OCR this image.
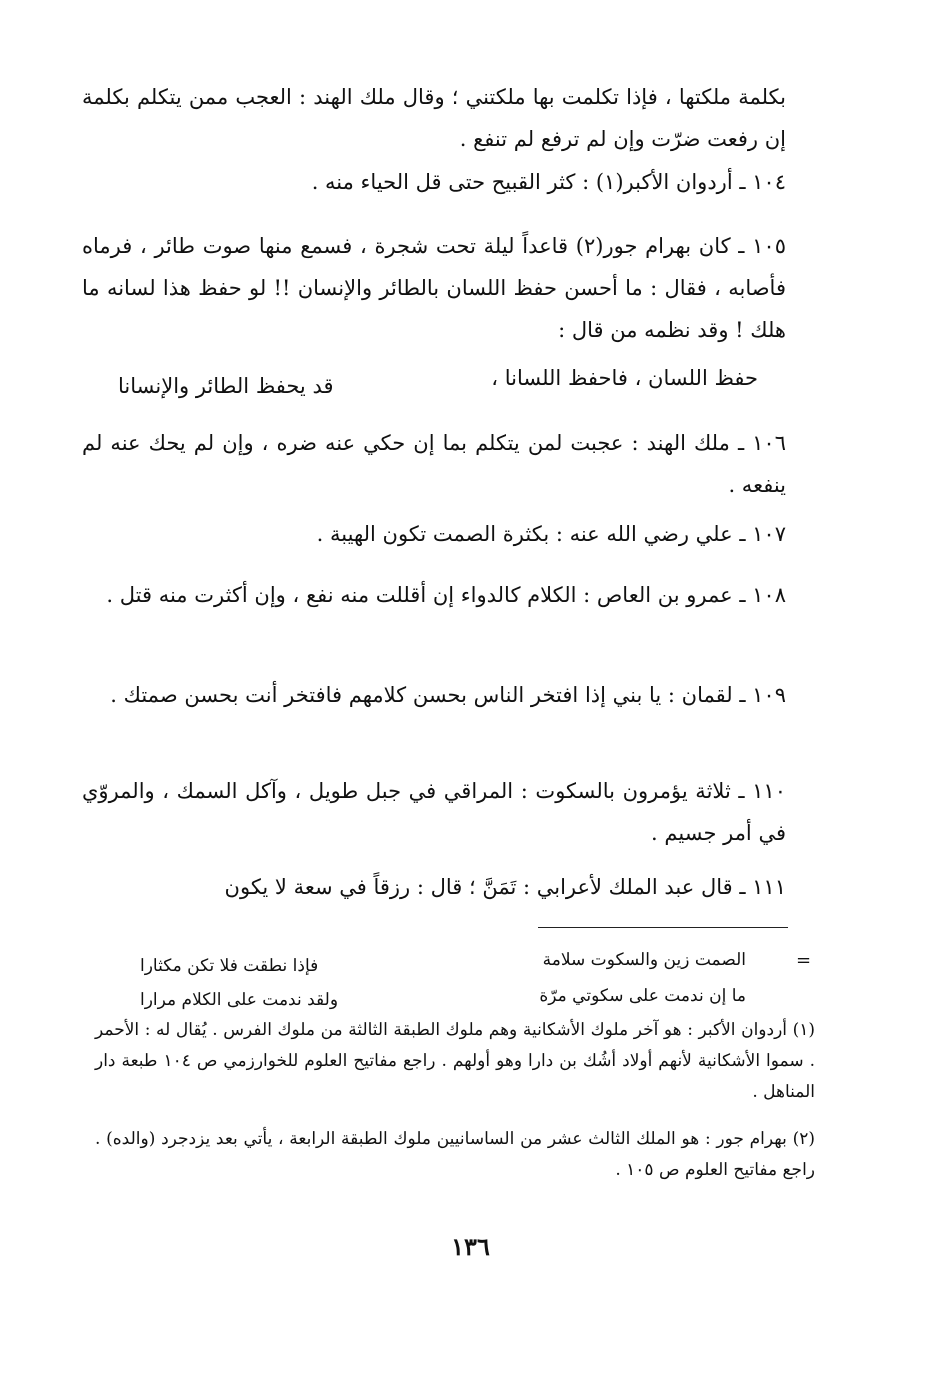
بكلمة ملكتها ، فإذا تكلمت بها ملكتني ؛ وقال ملك الهند : العجب ممن يتكلم بكلمة إن رفعت ضرّت وإن لم ترفع لم تنفع .
١٠٤ ـ أردوان الأكبر(١) : كثر القبيح حتى قل الحياء منه .
١٠٥ ـ كان بهرام جور(٢) قاعداً ليلة تحت شجرة ، فسمع منها صوت طائر ، فرماه فأصابه ، فقال : ما أحسن حفظ اللسان بالطائر والإنسان !! لو حفظ هذا لسانه ما هلك ! وقد نظمه من قال :
حفظ اللسان ، فاحفظ اللسانا ،
قد يحفظ الطائر والإنسانا
١٠٦ ـ ملك الهند : عجبت لمن يتكلم بما إن حكي عنه ضره ، وإن لم يحك عنه لم ينفعه .
١٠٧ ـ علي رضي الله عنه : بكثرة الصمت تكون الهيبة .
١٠٨ ـ عمرو بن العاص : الكلام كالدواء إن أقللت منه نفع ، وإن أكثرت منه قتل .
١٠٩ ـ لقمان : يا بني إذا افتخر الناس بحسن كلامهم فافتخر أنت بحسن صمتك .
١١٠ ـ ثلاثة يؤمرون بالسكوت : المراقي في جبل طويل ، وآكل السمك ، والمروّي في أمر جسيم .
١١١ ـ قال عبد الملك لأعرابي : تَمَنَّ ؛ قال : رزقاً في سعة لا يكون
=
الصمت زين والسكوت سلامة
فإذا نطقت فلا تكن مكثارا
ما إن ندمت على سكوتي مرّة
ولقد ندمت على الكلام مرارا
(١) أردوان الأكبر : هو آخر ملوك الأشكانية وهم ملوك الطبقة الثالثة من ملوك الفرس . يُقال له : الأحمر . سموا الأشكانية لأنهم أولاد أشُك بن دارا وهو أولهم . راجع مفاتيح العلوم للخوارزمي ص ١٠٤ طبعة دار المناهل .
(٢) بهرام جور : هو الملك الثالث عشر من الساسانيين ملوك الطبقة الرابعة ، يأتي بعد يزدجرد (والده) . راجع مفاتيح العلوم ص ١٠٥ .
١٣٦
